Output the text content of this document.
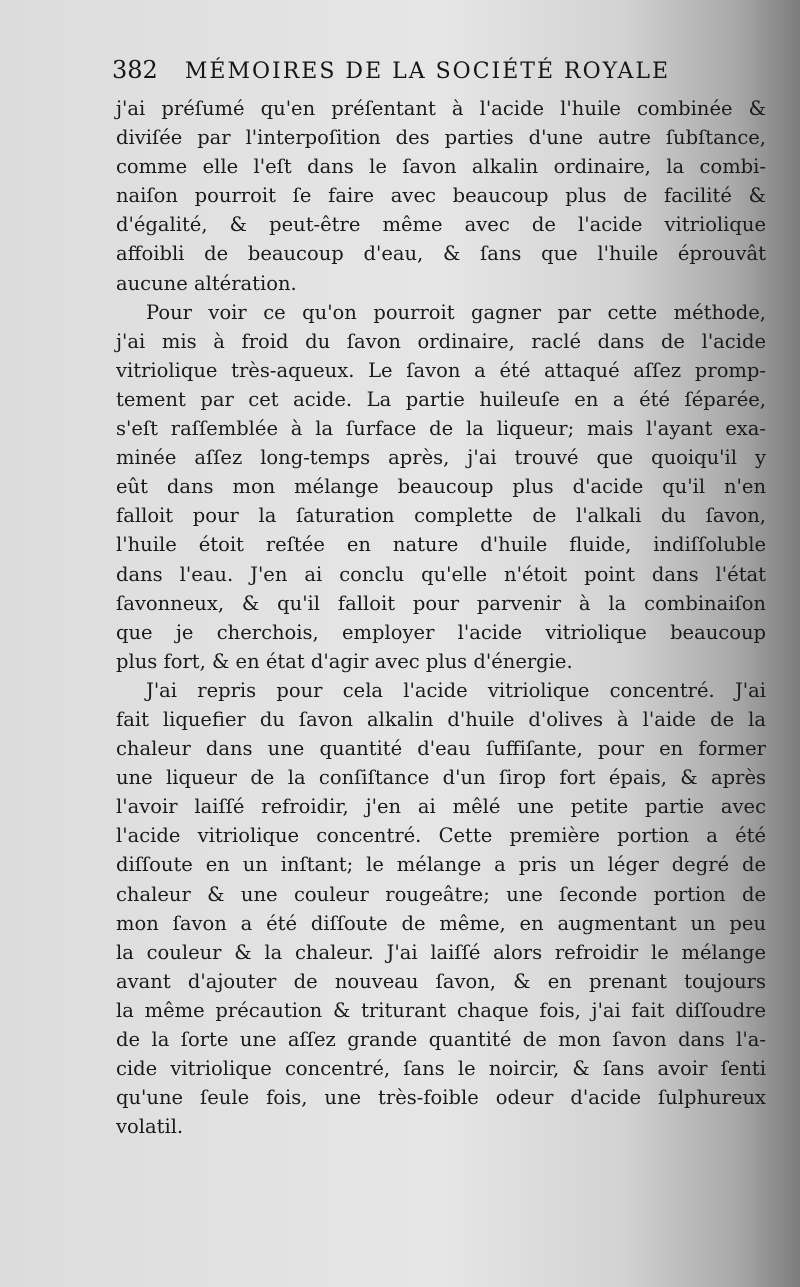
382 MÉMOIRES DE LA SOCIÉTÉ ROYALE
j'ai préſumé qu'en préſentant à l'acide l'huile combinée &
diviſée par l'interpoſition des parties d'une autre ſubſtance,
comme elle l'eſt dans le ſavon alkalin ordinaire, la combi-
naiſon pourroit ſe faire avec beaucoup plus de facilité &
d'égalité, & peut-être même avec de l'acide vitriolique
affoibli de beaucoup d'eau, & ſans que l'huile éprouvât
aucune altération.
Pour voir ce qu'on pourroit gagner par cette méthode,
j'ai mis à froid du ſavon ordinaire, raclé dans de l'acide
vitriolique très-aqueux. Le ſavon a été attaqué aſſez promp-
tement par cet acide. La partie huileuſe en a été ſéparée,
s'eſt raſſemblée à la ſurface de la liqueur; mais l'ayant exa-
minée aſſez long-temps après, j'ai trouvé que quoiqu'il y
eût dans mon mélange beaucoup plus d'acide qu'il n'en
falloit pour la ſaturation complette de l'alkali du ſavon,
l'huile étoit reſtée en nature d'huile fluide, indiſſoluble
dans l'eau. J'en ai conclu qu'elle n'étoit point dans l'état
ſavonneux, & qu'il falloit pour parvenir à la combinaiſon
que je cherchois, employer l'acide vitriolique beaucoup
plus fort, & en état d'agir avec plus d'énergie.
J'ai repris pour cela l'acide vitriolique concentré. J'ai
fait liquefier du ſavon alkalin d'huile d'olives à l'aide de la
chaleur dans une quantité d'eau ſuffiſante, pour en former
une liqueur de la conſiſtance d'un ſirop fort épais, & après
l'avoir laiſſé refroidir, j'en ai mêlé une petite partie avec
l'acide vitriolique concentré. Cette première portion a été
diſſoute en un inſtant; le mélange a pris un léger degré de
chaleur & une couleur rougeâtre; une ſeconde portion de
mon ſavon a été diſſoute de même, en augmentant un peu
la couleur & la chaleur. J'ai laiſſé alors refroidir le mélange
avant d'ajouter de nouveau ſavon, & en prenant toujours
la même précaution & triturant chaque fois, j'ai fait diſſoudre
de la ſorte une aſſez grande quantité de mon ſavon dans l'a-
cide vitriolique concentré, ſans le noircir, & ſans avoir ſenti
qu'une ſeule fois, une très-foible odeur d'acide ſulphureux
volatil.
